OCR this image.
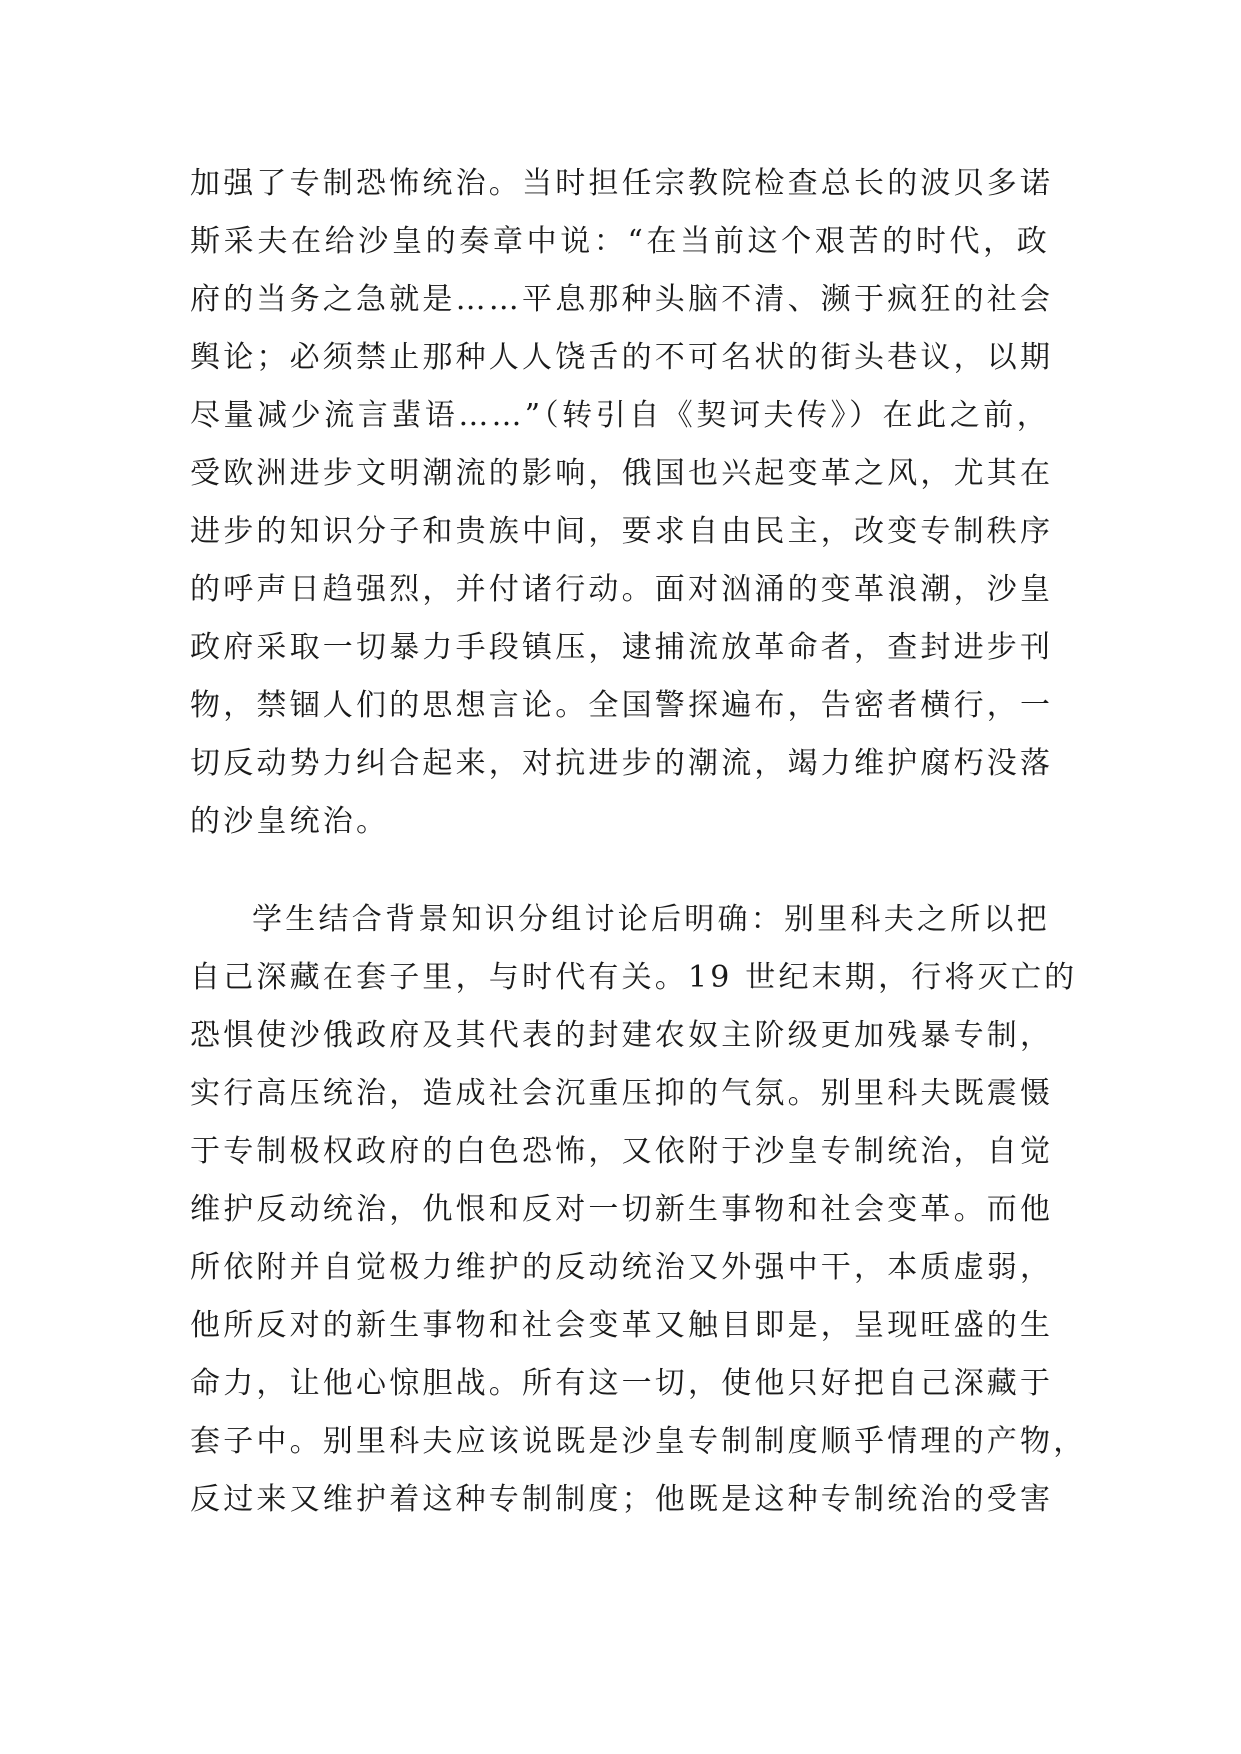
加强了专制恐怖统治。当时担任宗教院检查总长的波贝多诺
斯采夫在给沙皇的奏章中说：“在当前这个艰苦的时代，政
府的当务之急就是……平息那种头脑不清、濒于疯狂的社会
舆论；必须禁止那种人人饶舌的不可名状的街头巷议，以期
尽量减少流言蜚语……”（转引自《契诃夫传》）在此之前，
受欧洲进步文明潮流的影响，俄国也兴起变革之风，尤其在
进步的知识分子和贵族中间，要求自由民主，改变专制秩序
的呼声日趋强烈，并付诸行动。面对汹涌的变革浪潮，沙皇
政府采取一切暴力手段镇压，逮捕流放革命者，查封进步刊
物，禁锢人们的思想言论。全国警探遍布，告密者横行，一
切反动势力纠合起来，对抗进步的潮流，竭力维护腐朽没落
的沙皇统治。
学生结合背景知识分组讨论后明确：别里科夫之所以把
自己深藏在套子里，与时代有关。19 世纪末期，行将灭亡的
恐惧使沙俄政府及其代表的封建农奴主阶级更加残暴专制，
实行高压统治，造成社会沉重压抑的气氛。别里科夫既震慑
于专制极权政府的白色恐怖，又依附于沙皇专制统治，自觉
维护反动统治，仇恨和反对一切新生事物和社会变革。而他
所依附并自觉极力维护的反动统治又外强中干，本质虚弱，
他所反对的新生事物和社会变革又触目即是，呈现旺盛的生
命力，让他心惊胆战。所有这一切，使他只好把自己深藏于
套子中。别里科夫应该说既是沙皇专制制度顺乎情理的产物，
反过来又维护着这种专制制度；他既是这种专制统治的受害
